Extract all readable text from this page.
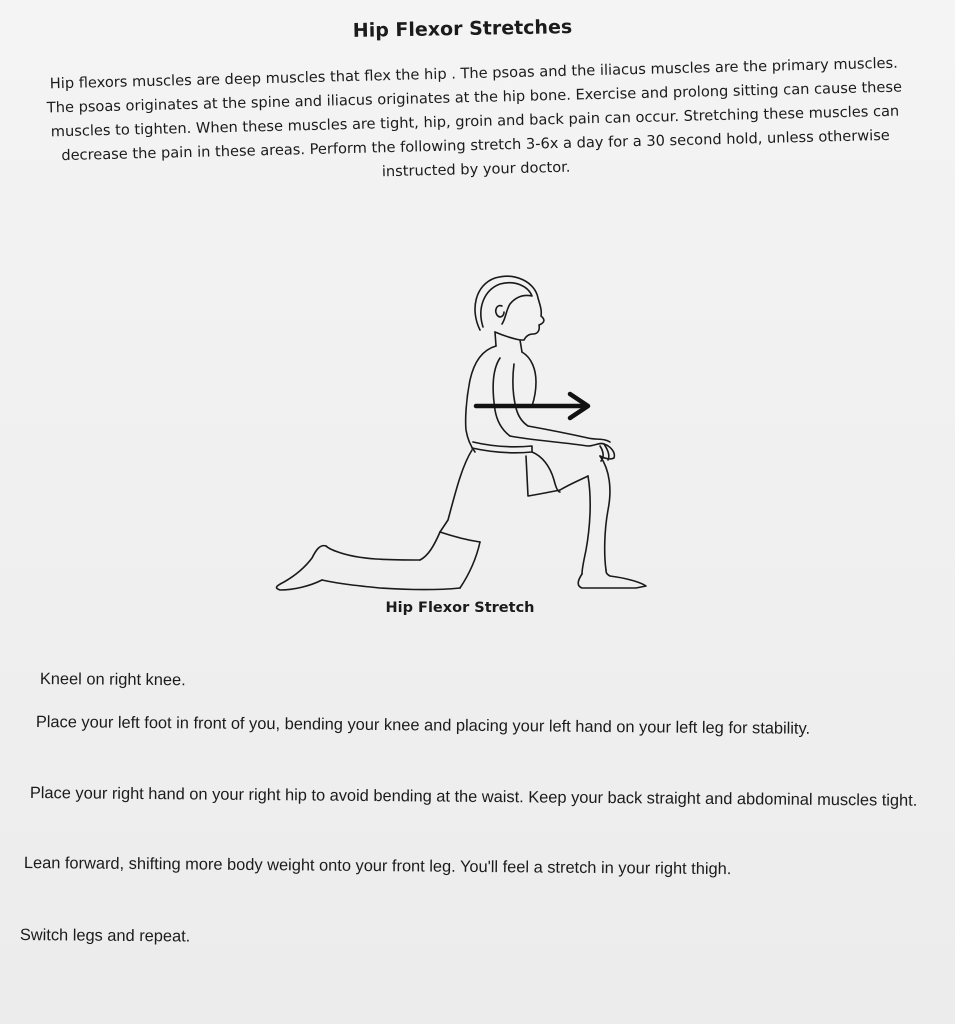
Hip Flexor Stretches
Hip flexors muscles are deep muscles that flex the hip . The psoas and the iliacus muscles are the primary muscles. The psoas originates at the spine and iliacus originates at the hip bone. Exercise and prolong sitting can cause these muscles to tighten. When these muscles are tight, hip, groin and back pain can occur. Stretching these muscles can decrease the pain in these areas. Perform the following stretch 3-6x a day for a 30 second hold, unless otherwise instructed by your doctor.
Hip Flexor Stretch
Kneel on right knee.
Place your left foot in front of you, bending your knee and placing your left hand on your left leg for stability.
Place your right hand on your right hip to avoid bending at the waist. Keep your back straight and abdominal muscles tight.
Lean forward, shifting more body weight onto your front leg. You'll feel a stretch in your right thigh.
Switch legs and repeat.
